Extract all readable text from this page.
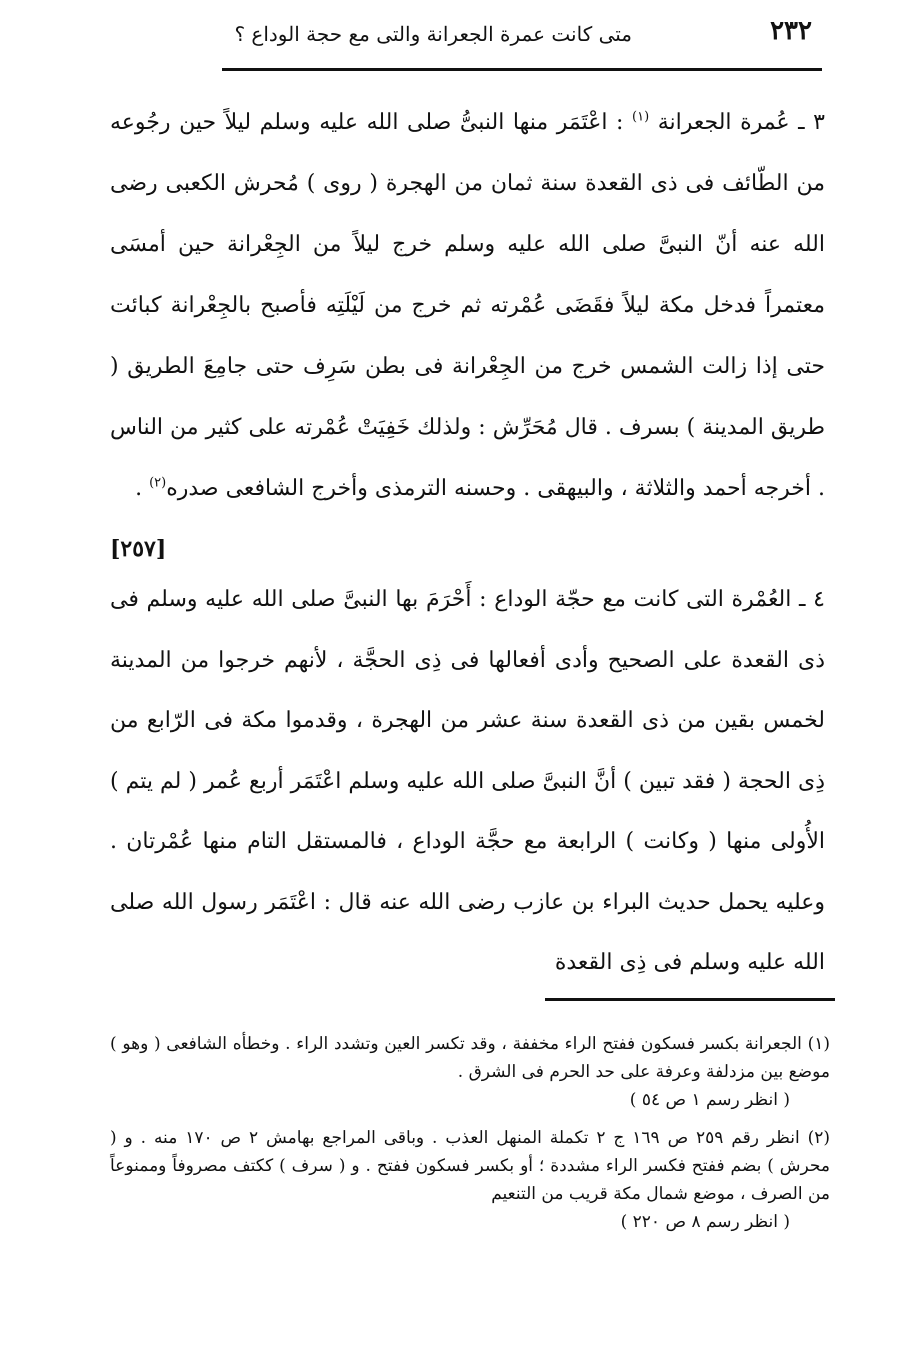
٢٣٢
متى كانت عمرة الجعرانة والتى مع حجة الوداع ؟
٣ ـ عُمرة الجعرانة $^{(١)}$ : اعْتَمَر منها النبىُّ صلى الله عليه وسلم ليلاً حين رجُوعه من الطّائف فى ذى القعدة سنة ثمان من الهجرة ( روى ) مُحرش الكعبى رضى الله عنه أنّ النبىَّ صلى الله عليه وسلم خرج ليلاً من الجِعْرانة حين أمسَى معتمراً فدخل مكة ليلاً فقَضَى عُمْرته ثم خرج من لَيْلَتِه فأصبح بالجِعْرانة كبائت حتى إذا زالت الشمس خرج من الجِعْرانة فى بطن سَرِف حتى جامِعَ الطريق ( طريق المدينة ) بسرف . قال مُحَرِّش : ولذلك خَفِيَتْ عُمْرته على كثير من الناس . أخرجه أحمد والثلاثة ، والبيهقى . وحسنه الترمذى وأخرج الشافعى صدره$^{(٢)}$ .
[٢٥٧]
٤ ـ العُمْرة التى كانت مع حجّة الوداع : أَحْرَمَ بها النبىَّ صلى الله عليه وسلم فى ذى القعدة على الصحيح وأدى أفعالها فى ذِى الحجَّة ، لأنهم خرجوا من المدينة لخمس بقين من ذى القعدة سنة عشر من الهجرة ، وقدموا مكة فى الرّابع من ذِى الحجة ( فقد تبين ) أنَّ النبىَّ صلى الله عليه وسلم اعْتَمَر أربع عُمر ( لم يتم ) الأُولى منها ( وكانت ) الرابعة مع حجَّة الوداع ، فالمستقل التام منها عُمْرتان . وعليه يحمل حديث البراء بن عازب رضى الله عنه قال : اعْتَمَر رسول الله صلى الله عليه وسلم فى ذِى القعدة
(١) الجعرانة بكسر فسكون ففتح الراء مخففة ، وقد تكسر العين وتشدد الراء . وخطأه الشافعى ( وهو ) موضع بين مزدلفة وعرفة على حد الحرم فى الشرق .
( انظر رسم ١ ص ٥٤ )
(٢) انظر رقم ٢٥٩ ص ١٦٩ ج ٢ تكملة المنهل العذب . وباقى المراجع بهامش ٢ ص ١٧٠ منه . و ( محرش ) بضم ففتح فكسر الراء مشددة ؛ أو بكسر فسكون ففتح . و ( سرف ) ككتف مصروفاً وممنوعاً من الصرف ، موضع شمال مكة قريب من التنعيم
( انظر رسم ٨ ص ٢٢٠ )
